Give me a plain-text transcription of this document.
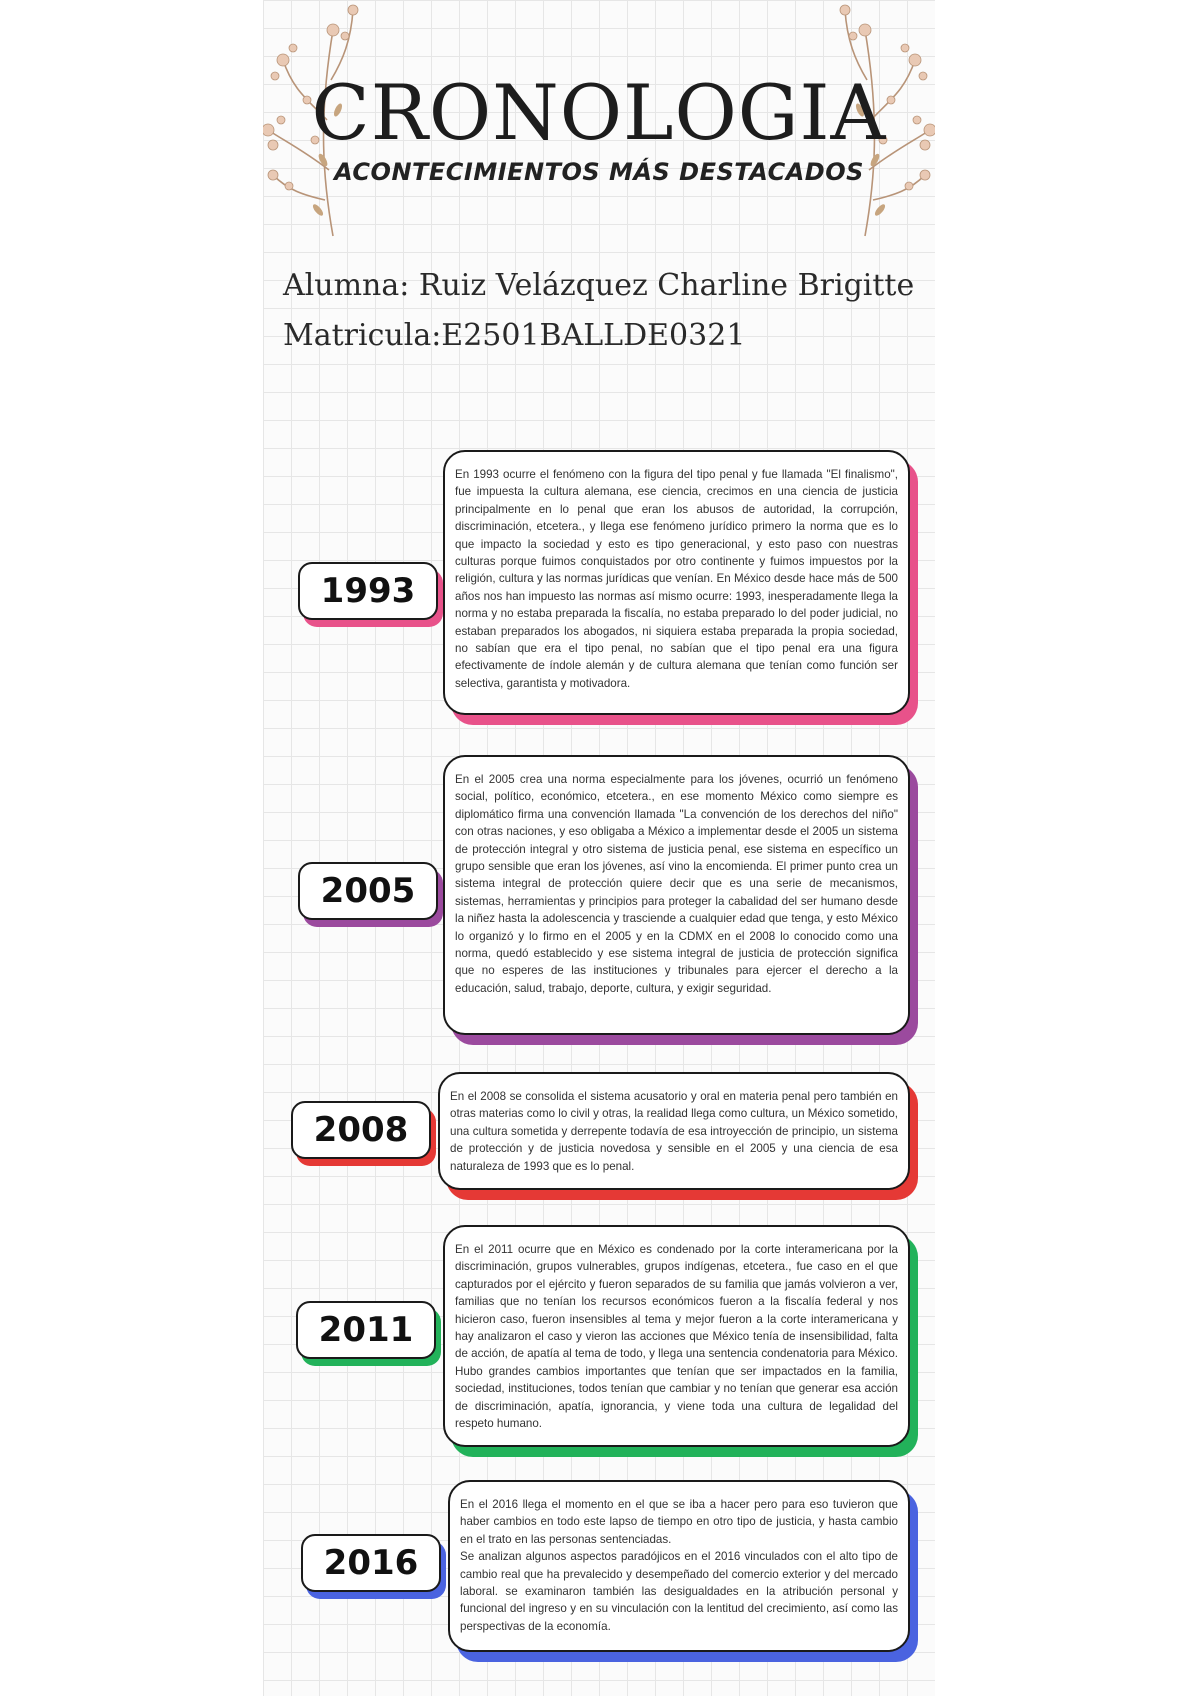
CRONOLOGIA
ACONTECIMIENTOS MÁS DESTACADOS
Alumna: Ruiz Velázquez Charline Brigitte
Matricula:E2501BALLDE0321
1993

En 1993 ocurre el fenómeno con la figura del tipo penal y fue llamada "El finalismo", fue impuesta la cultura alemana, ese ciencia, crecimos en una ciencia de justicia principalmente en lo penal que eran los abusos de autoridad, la corrupción, discriminación, etcetera., y llega ese fenómeno jurídico primero la norma que es lo que impacto la sociedad y esto es tipo generacional, y esto paso con nuestras culturas porque fuimos conquistados por otro continente y fuimos impuestos por la religión, cultura y las normas jurídicas que venían. En México desde hace más de 500 años nos han impuesto las normas así mismo ocurre: 1993, inesperadamente llega la norma y no estaba preparada la fiscalía, no estaba preparado lo del poder judicial, no estaban preparados los abogados, ni siquiera estaba preparada la propia sociedad, no sabían que era el tipo penal, no sabían que el tipo penal era una figura efectivamente de índole alemán y de cultura alemana que tenían como función ser selectiva, garantista y motivadora.

2005

En el 2005 crea una norma especialmente para los jóvenes, ocurrió un fenómeno social, político, económico, etcetera., en ese momento México como siempre es diplomático firma una convención llamada "La convención de los derechos del niño" con otras naciones, y eso obligaba a México a implementar desde el 2005 un sistema de protección integral y otro sistema de justicia penal, ese sistema en específico un grupo sensible que eran los jóvenes, así vino la encomienda. El primer punto crea un sistema integral de protección quiere decir que es una serie de mecanismos, sistemas, herramientas y principios para proteger la cabalidad del ser humano desde la niñez hasta la adolescencia y trasciende a cualquier edad que tenga, y esto México lo organizó y lo firmo en el 2005 y en la CDMX en el 2008 lo conocido como una norma, quedó establecido y ese sistema integral de justicia de protección significa que no esperes de las instituciones y tribunales para ejercer el derecho a la educación, salud, trabajo, deporte, cultura, y exigir seguridad.

2008

En el 2008 se consolida el sistema acusatorio y oral en materia penal pero también en otras materias como lo civil y otras, la realidad llega como cultura, un México sometido, una cultura sometida y derrepente todavía de esa introyección de principio, un sistema de protección y de justicia novedosa y sensible en el 2005 y una ciencia de esa naturaleza de 1993 que es lo penal.

2011

En el 2011 ocurre que en México es condenado por la corte interamericana por la discriminación, grupos vulnerables, grupos indígenas, etcetera., fue caso en el que capturados por el ejército y fueron separados de su familia que jamás volvieron a ver, familias que no tenían los recursos económicos fueron a la fiscalía federal y nos hicieron caso, fueron insensibles al tema y mejor fueron a la corte interamericana y hay analizaron el caso y vieron las acciones que México tenía de insensibilidad, falta de acción, de apatía al tema de todo, y llega una sentencia condenatoria para México. Hubo grandes cambios importantes que tenían que ser impactados en la familia, sociedad, instituciones, todos tenían que cambiar y no tenían que generar esa acción de discriminación, apatía, ignorancia, y viene toda una cultura de legalidad del respeto humano.

2016

En el 2016 llega el momento en el que se iba a hacer pero para eso tuvieron que haber cambios en todo este lapso de tiempo en otro tipo de justicia, y hasta cambio en el trato en las personas sentenciadas.

Se analizan algunos aspectos paradójicos en el 2016 vinculados con el alto tipo de cambio real que ha prevalecido y desempeñado del comercio exterior y del mercado laboral. se examinaron también las desigualdades en la atribución personal y funcional del ingreso y en su vinculación con la lentitud del crecimiento, así como las perspectivas de la economía.
